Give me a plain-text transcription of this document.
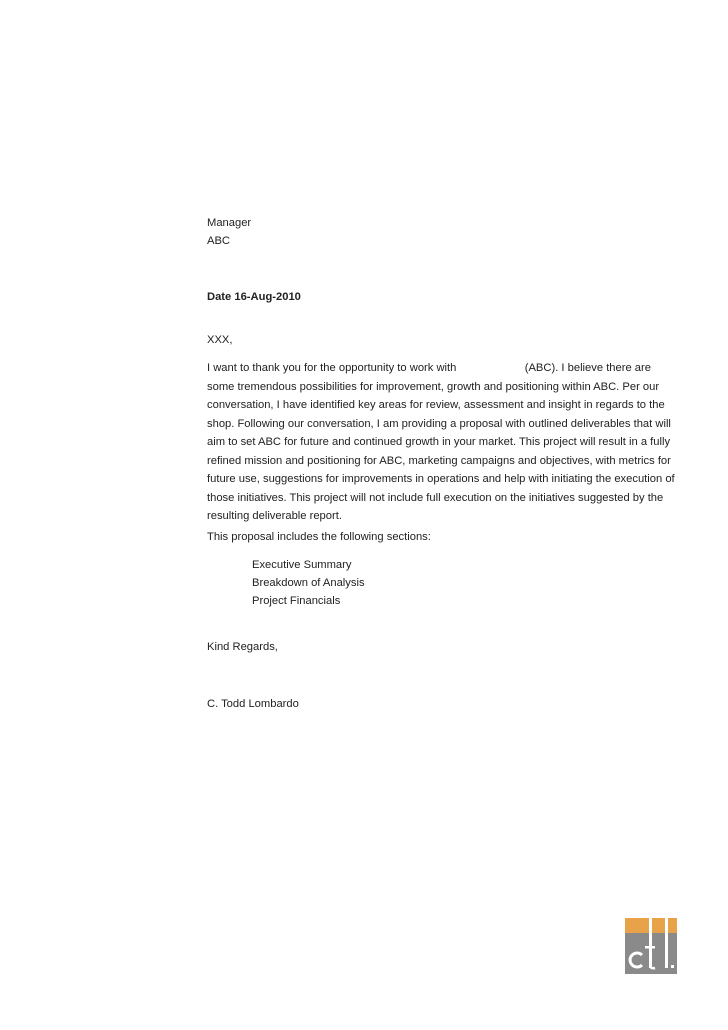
Manager
ABC
Date 16-Aug-2010
XXX,

I want to thank you for the opportunity to work with                      (ABC). I believe there are

some tremendous possibilities for improvement, growth and positioning within ABC. Per our

conversation, I have identified key areas for review, assessment and insight in regards to the

shop. Following our conversation, I am providing a proposal with outlined deliverables that will

aim to set ABC for future and continued growth in your market. This project will result in a fully

refined mission and positioning for ABC, marketing campaigns and objectives, with metrics for

future use, suggestions for improvements in operations and help with initiating the execution of

those initiatives. This project will not include full execution on the initiatives suggested by the

resulting deliverable report.

This proposal includes the following sections:
Executive Summary
Breakdown of Analysis
Project Financials
Kind Regards,
C. Todd Lombardo
